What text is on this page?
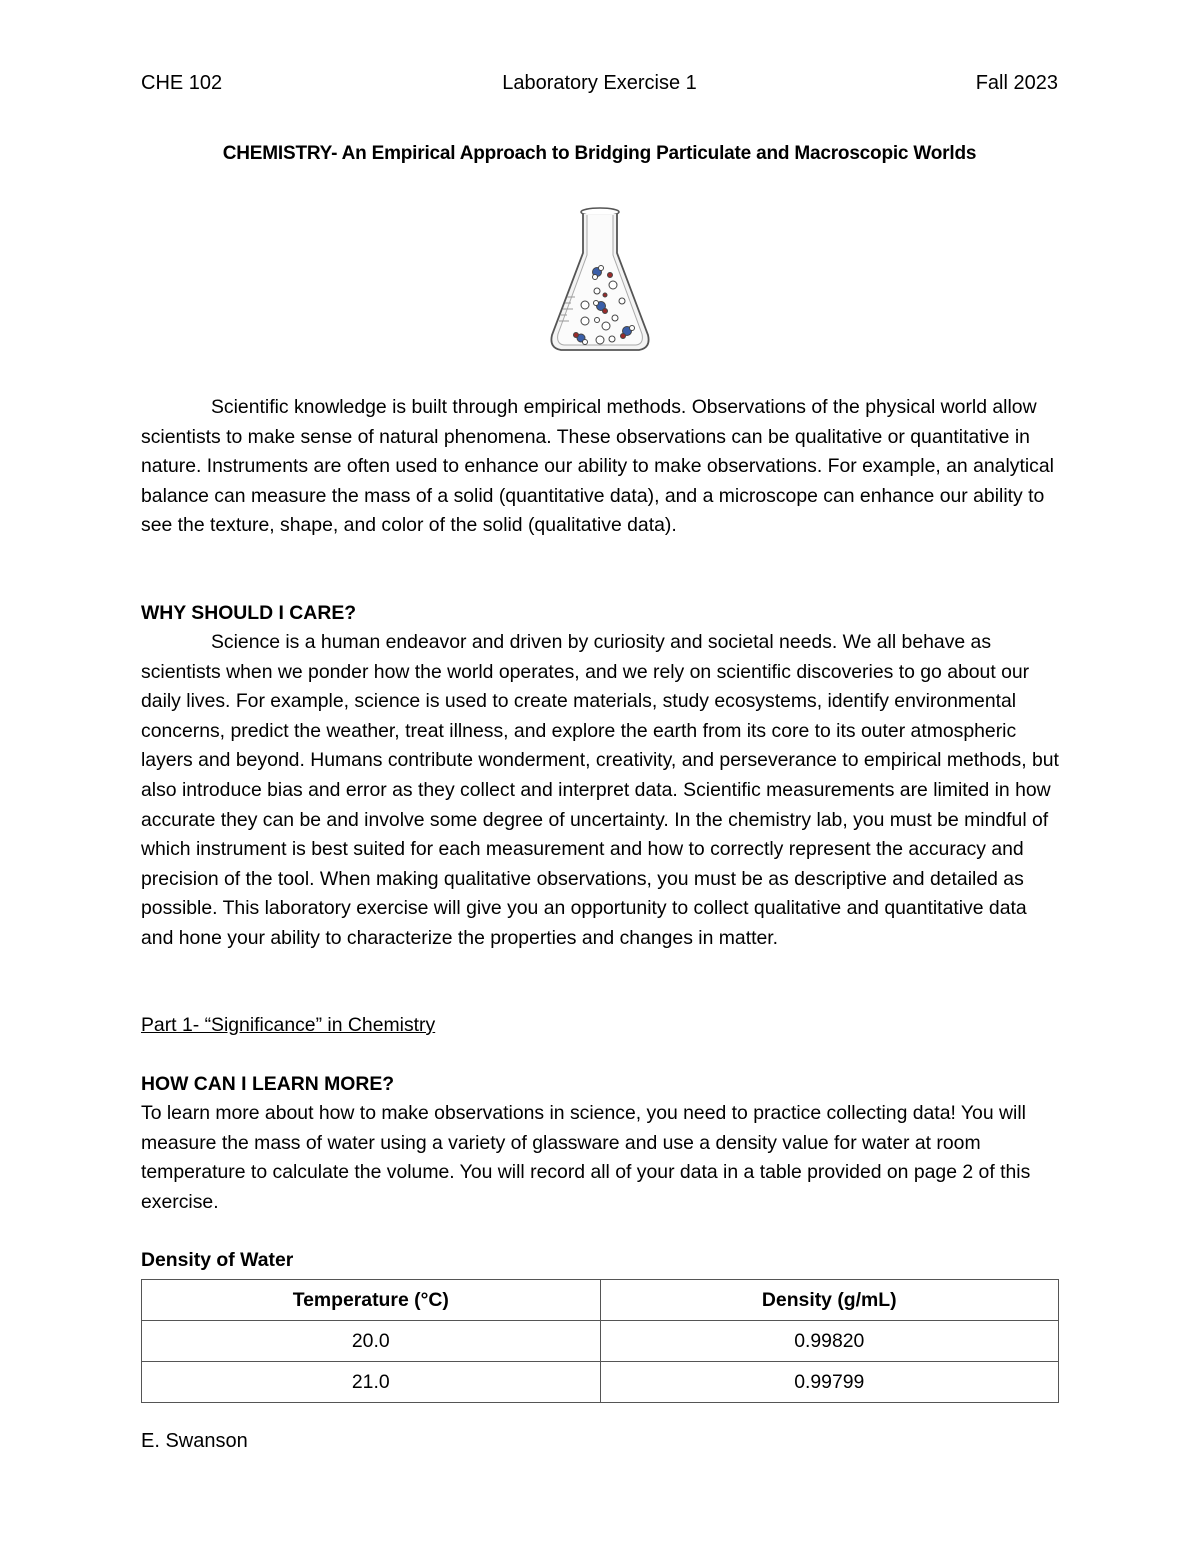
CHE 102	Laboratory Exercise 1	Fall 2023
CHEMISTRY- An Empirical Approach to Bridging Particulate and Macroscopic Worlds

Scientific knowledge is built through empirical methods. Observations of the physical world allow scientists to make sense of natural phenomena. These observations can be qualitative or quantitative in nature. Instruments are often used to enhance our ability to make observations. For example, an analytical balance can measure the mass of a solid (quantitative data), and a microscope can enhance our ability to see the texture, shape, and color of the solid (qualitative data).

WHY SHOULD I CARE?

Science is a human endeavor and driven by curiosity and societal needs. We all behave as scientists when we ponder how the world operates, and we rely on scientific discoveries to go about our daily lives. For example, science is used to create materials, study ecosystems, identify environmental concerns, predict the weather, treat illness, and explore the earth from its core to its outer atmospheric layers and beyond. Humans contribute wonderment, creativity, and perseverance to empirical methods, but also introduce bias and error as they collect and interpret data. Scientific measurements are limited in how accurate they can be and involve some degree of uncertainty. In the chemistry lab, you must be mindful of which instrument is best suited for each measurement and how to correctly represent the accuracy and precision of the tool. When making qualitative observations, you must be as descriptive and detailed as possible. This laboratory exercise will give you an opportunity to collect qualitative and quantitative data and hone your ability to characterize the properties and changes in matter.

Part 1- “Significance” in Chemistry
HOW CAN I LEARN MORE?

To learn more about how to make observations in science, you need to practice collecting data! You will measure the mass of water using a variety of glassware and use a density value for water at room temperature to calculate the volume. You will record all of your data in a table provided on page 2 of this exercise.

Density of Water
Temperature (°C)	Density (g/mL)
20.0	0.99820
21.0	0.99799
E. Swanson
